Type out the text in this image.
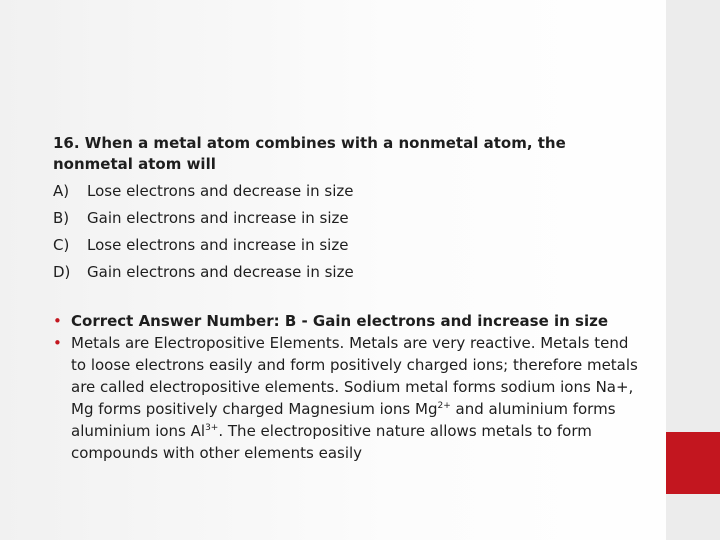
16. When a metal atom combines with a nonmetal atom, the nonmetal atom will
A)	Lose electrons and decrease in size
B)	Gain electrons and increase in size
C)	Lose electrons and increase in size
D)	Gain electrons and decrease in size
• Correct Answer Number: B - Gain electrons and increase in size
• Metals are Electropositive Elements. Metals are very reactive. Metals tend to loose electrons easily and form positively charged ions; therefore metals are called electropositive elements. Sodium metal forms sodium ions Na+, Mg forms positively charged Magnesium ions $Mg^{2+}$ and aluminium forms aluminium ions $Al^{3+}$. The electropositive nature allows metals to form compounds with other elements easily
